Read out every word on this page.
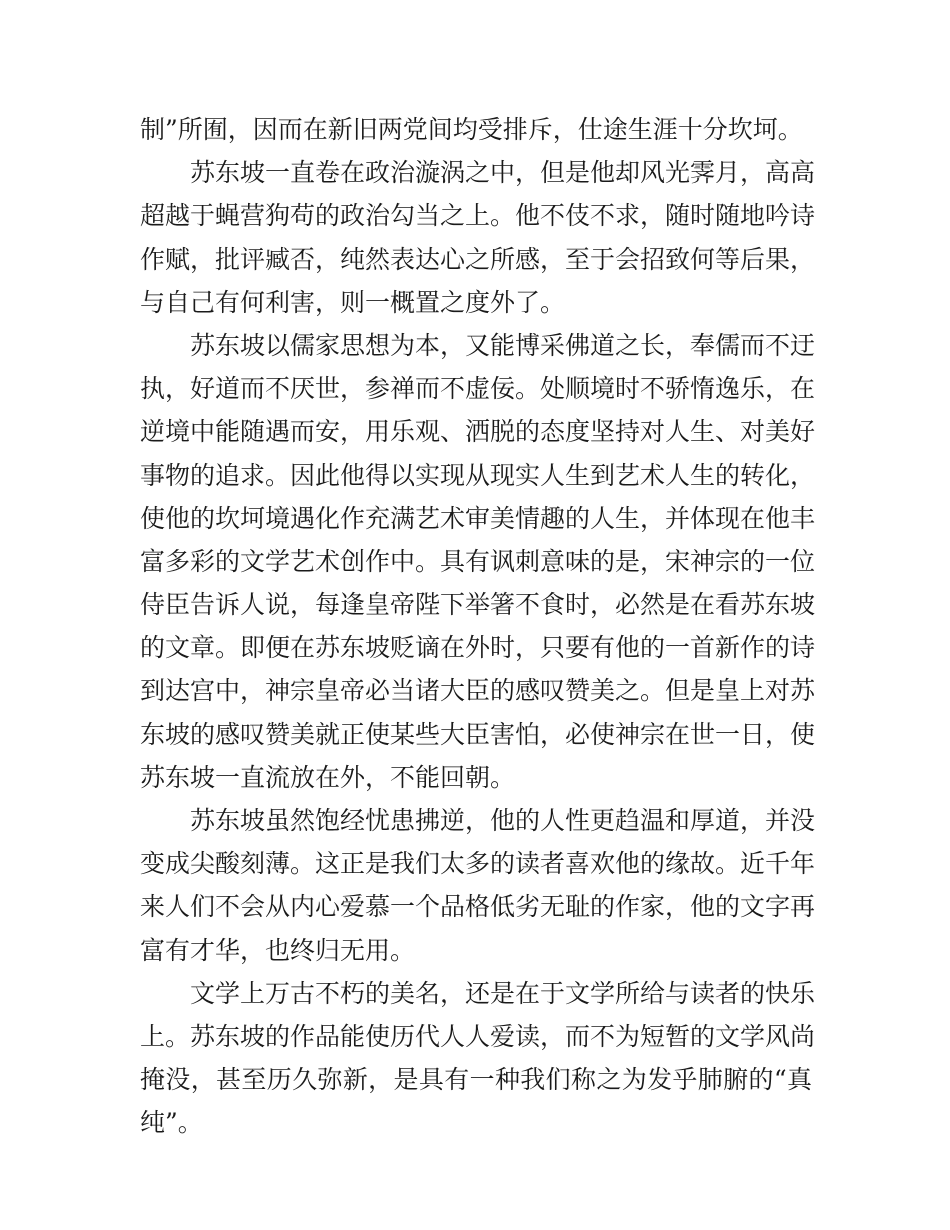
制”所囿，因而在新旧两党间均受排斥，仕途生涯十分坎坷。
苏东坡一直卷在政治漩涡之中，但是他却风光霁月，高高
超越于蝇营狗苟的政治勾当之上。他不伎不求，随时随地吟诗
作赋，批评臧否，纯然表达心之所感，至于会招致何等后果，
与自己有何利害，则一概置之度外了。
苏东坡以儒家思想为本，又能博采佛道之长，奉儒而不迂
执，好道而不厌世，参禅而不虚佞。处顺境时不骄惰逸乐，在
逆境中能随遇而安，用乐观、洒脱的态度坚持对人生、对美好
事物的追求。因此他得以实现从现实人生到艺术人生的转化，
使他的坎坷境遇化作充满艺术审美情趣的人生，并体现在他丰
富多彩的文学艺术创作中。具有讽刺意味的是，宋神宗的一位
侍臣告诉人说，每逢皇帝陛下举箸不食时，必然是在看苏东坡
的文章。即便在苏东坡贬谪在外时，只要有他的一首新作的诗
到达宫中，神宗皇帝必当诸大臣的感叹赞美之。但是皇上对苏
东坡的感叹赞美就正使某些大臣害怕，必使神宗在世一日，使
苏东坡一直流放在外，不能回朝。
苏东坡虽然饱经忧患拂逆，他的人性更趋温和厚道，并没
变成尖酸刻薄。这正是我们太多的读者喜欢他的缘故。近千年
来人们不会从内心爱慕一个品格低劣无耻的作家，他的文字再
富有才华，也终归无用。
文学上万古不朽的美名，还是在于文学所给与读者的快乐
上。苏东坡的作品能使历代人人爱读，而不为短暂的文学风尚
掩没，甚至历久弥新，是具有一种我们称之为发乎肺腑的“真
纯”。
